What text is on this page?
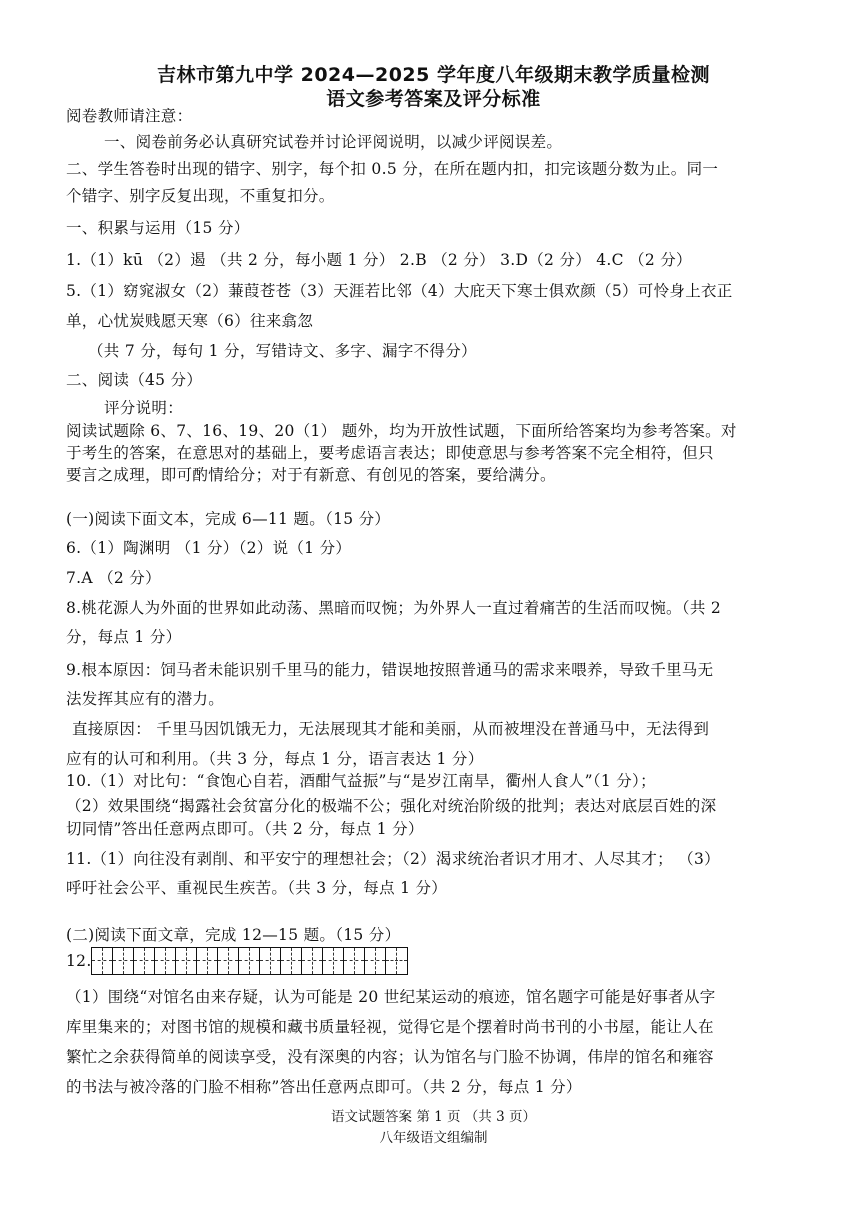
吉林市第九中学 2024—2025 学年度八年级期末教学质量检测
语文参考答案及评分标准
阅卷教师请注意：
一、阅卷前务必认真研究试卷并讨论评阅说明，以减少评阅误差。
二、学生答卷时出现的错字、别字，每个扣 0.5 分，在所在题内扣，扣完该题分数为止。同一
个错字、别字反复出现，不重复扣分。
一、积累与运用（15 分）
1.（1）kū （2）遏 （共 2 分，每小题 1 分） 2.B （2 分） 3.D（2 分） 4.C （2 分）
5.（1）窈窕淑女（2）蒹葭苍苍（3）天涯若比邻（4）大庇天下寒士俱欢颜（5）可怜身上衣正
单，心忧炭贱愿天寒（6）往来翕忽
（共 7 分，每句 1 分，写错诗文、多字、漏字不得分）
二、阅读（45 分）
评分说明：
阅读试题除 6、7、16、19、20（1） 题外，均为开放性试题，下面所给答案均为参考答案。对
于考生的答案，在意思对的基础上，要考虑语言表达；即使意思与参考答案不完全相符，但只
要言之成理，即可酌情给分；对于有新意、有创见的答案，要给满分。
(一)阅读下面文本，完成 6—11 题。（15 分）
6.（1）陶渊明 （1 分）（2）说（1 分）
7.A （2 分）
8.桃花源人为外面的世界如此动荡、黑暗而叹惋；为外界人一直过着痛苦的生活而叹惋。（共 2
分，每点 1 分）
9.根本原因：饲马者未能识别千里马的能力，错误地按照普通马的需求来喂养，导致千里马无
法发挥其应有的潜力。
直接原因： 千里马因饥饿无力，无法展现其才能和美丽，从而被埋没在普通马中，无法得到
应有的认可和利用。（共 3 分，每点 1 分，语言表达 1 分）
10.（1）对比句：“食饱心自若，酒酣气益振”与“是岁江南旱，衢州人食人”（1 分）；
（2）效果围绕“揭露社会贫富分化的极端不公；强化对统治阶级的批判；表达对底层百姓的深
切同情”答出任意两点即可。（共 2 分，每点 1 分）
11.（1）向往没有剥削、和平安宁的理想社会；（2）渴求统治者识才用才、人尽其才； （3）
呼吁社会公平、重视民生疾苦。（共 3 分，每点 1 分）
(二)阅读下面文章，完成 12—15 题。（15 分）
12.
（1）围绕“对馆名由来存疑，认为可能是 20 世纪某运动的痕迹，馆名题字可能是好事者从字
库里集来的；对图书馆的规模和藏书质量轻视，觉得它是个摆着时尚书刊的小书屋，能让人在
繁忙之余获得简单的阅读享受，没有深奥的内容；认为馆名与门脸不协调，伟岸的馆名和雍容
的书法与被冷落的门脸不相称”答出任意两点即可。（共 2 分，每点 1 分）
语文试题答案 第 1 页 （共 3 页）
八年级语文组编制
